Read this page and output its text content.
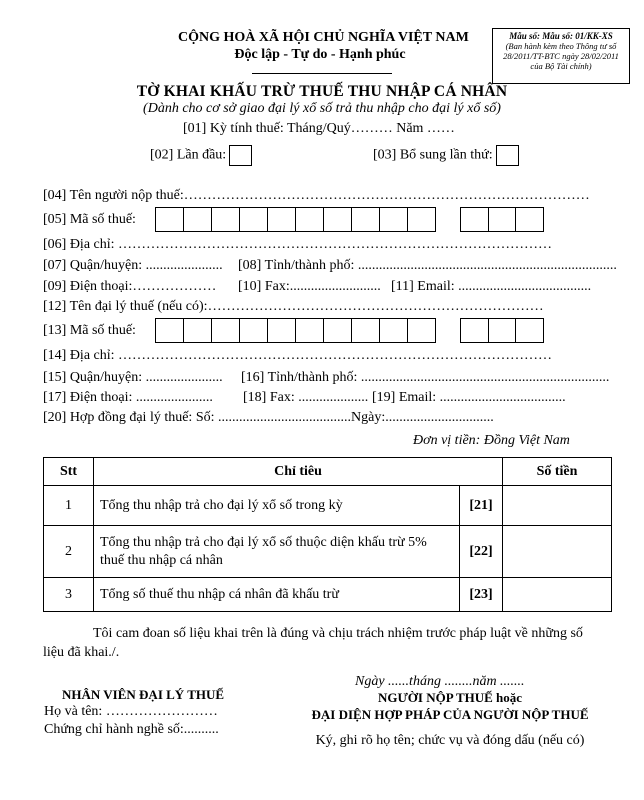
CỘNG HOÀ XÃ HỘI CHỦ NGHĨA VIỆT NAM
Độc lập - Tự do - Hạnh phúc
Mẫu số: Mẫu số: 01/KK-XS
(Ban hành kèm theo Thông tư số 28/2011/TT-BTC ngày 28/02/2011 của Bộ Tài chính)
TỜ KHAI KHẤU TRỪ THUẾ THU NHẬP CÁ NHÂN
(Dành cho cơ sở giao đại lý xổ số trả thu nhập cho đại lý xổ số)
[01] Kỳ tính thuế: Tháng/Quý……… Năm ……
[02] Lần đầu:	[03] Bổ sung lần thứ:
[04] Tên người nộp thuế:……………………………………………………………………………
[05] Mã số thuế:
[06] Địa chỉ: …………………………………………………………………………………
[07] Quận/huyện: ...................... [08] Tỉnh/thành phố: ..........................................................................
[09] Điện thoại:……………… [10] Fax:.......................... [11] Email: ......................................
[12] Tên đại lý thuế (nếu có):………………………………………………………………
[13] Mã số thuế:
[14] Địa chỉ: …………………………………………………………………………………
[15] Quận/huyện: ...................... [16] Tỉnh/thành phố: .......................................................................
[17] Điện thoại: ...................... [18] Fax: .................... [19] Email: ....................................
[20] Hợp đồng đại lý thuế: Số: ......................................Ngày:...............................
Đơn vị tiền: Đồng Việt Nam
Stt	Chỉ tiêu		Số tiền
1	Tổng thu nhập trả cho đại lý xổ số trong kỳ	[21]	
2	Tổng thu nhập trả cho đại lý xổ số thuộc diện khấu trừ 5% thuế thu nhập cá nhân	[22]	
3	Tổng số thuế thu nhập cá nhân đã khấu trừ	[23]	
Tôi cam đoan số liệu khai trên là đúng và chịu trách nhiệm trước pháp luật về những số liệu đã khai./.
NHÂN VIÊN ĐẠI LÝ THUẾ
Họ và tên: ……………………
Chứng chỉ hành nghề số:..........
Ngày ......tháng ........năm .......
NGƯỜI NỘP THUẾ hoặc
ĐẠI DIỆN HỢP PHÁP CỦA NGƯỜI NỘP THUẾ
Ký, ghi rõ họ tên; chức vụ và đóng dấu (nếu có)
